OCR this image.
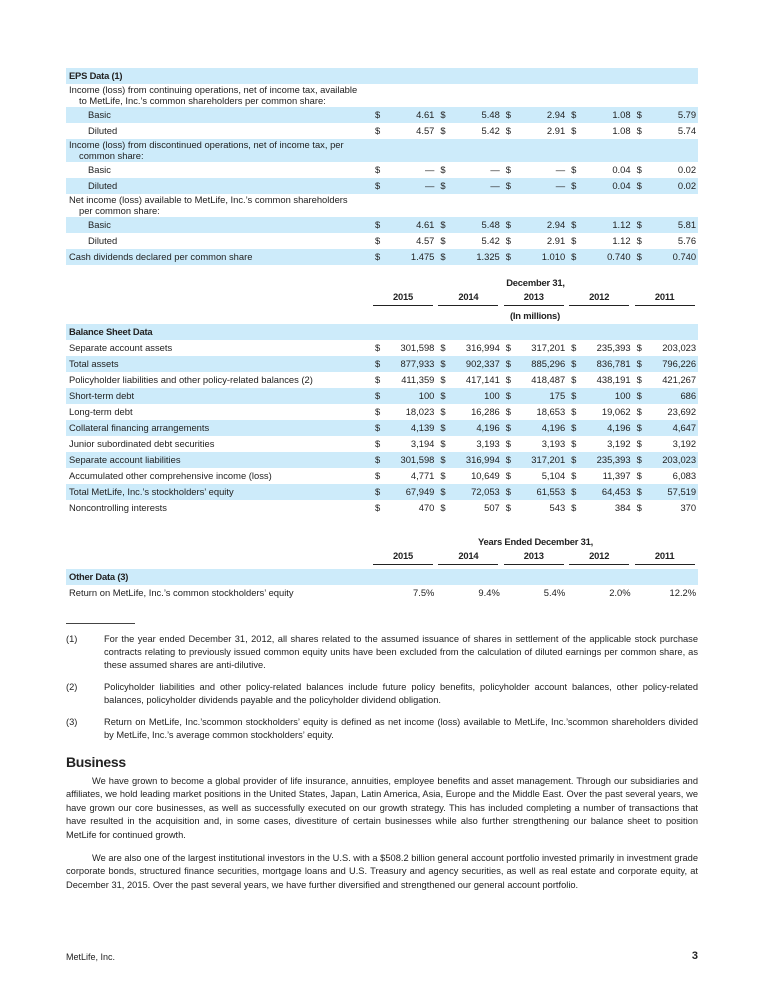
EPS Data (1)										

Income (loss) from continuing operations, net of income tax, available
to MetLife, Inc.’s common shareholders per common share:										

Basic	$	4.61	$	5.48	$	2.94	$	1.08	$	5.79
Diluted	$	4.57	$	5.42	$	2.91	$	1.08	$	5.74

Income (loss) from discontinued operations, net of income tax, per
common share:										

Basic	$	—	$	—	$	—	$	0.04	$	0.02
Diluted	$	—	$	—	$	—	$	0.04	$	0.02

Net income (loss) available to MetLife, Inc.’s common shareholders
per common share:										

Basic	$	4.61	$	5.48	$	2.94	$	1.12	$	5.81
Diluted	$	4.57	$	5.42	$	2.91	$	1.12	$	5.76
Cash dividends declared per common share	$	1.475	$	1.325	$	1.010	$	0.740	$	0.740
December 31,
2015	2014	2013	2012	2011
(In millions)
Balance Sheet Data										
Separate account assets	$	301,598	$	316,994	$	317,201	$	235,393	$	203,023
Total assets	$	877,933	$	902,337	$	885,296	$	836,781	$	796,226
Policyholder liabilities and other policy-related balances (2)	$	411,359	$	417,141	$	418,487	$	438,191	$	421,267
Short-term debt	$	100	$	100	$	175	$	100	$	686
Long-term debt	$	18,023	$	16,286	$	18,653	$	19,062	$	23,692
Collateral financing arrangements	$	4,139	$	4,196	$	4,196	$	4,196	$	4,647
Junior subordinated debt securities	$	3,194	$	3,193	$	3,193	$	3,192	$	3,192
Separate account liabilities	$	301,598	$	316,994	$	317,201	$	235,393	$	203,023
Accumulated other comprehensive income (loss)	$	4,771	$	10,649	$	5,104	$	11,397	$	6,083
Total MetLife, Inc.’s stockholders’ equity	$	67,949	$	72,053	$	61,553	$	64,453	$	57,519
Noncontrolling interests	$	470	$	507	$	543	$	384	$	370
Years Ended December 31,
2015	2014	2013	2012	2011
Other Data (3)
Return on MetLife, Inc.’s common stockholders’ equity		7.5%		9.4%		5.4%		2.0%		12.2%
(1)	For the year ended December 31, 2012, all shares related to the assumed issuance of shares in settlement of the applicable stock purchase contracts relating to previously issued common equity units have been excluded from the calculation of diluted earnings per common share, as these assumed shares are anti-dilutive.
(2)	Policyholder liabilities and other policy-related balances include future policy benefits, policyholder account balances, other policy-related balances, policyholder dividends payable and the policyholder dividend obligation.
(3)	Return on MetLife, Inc.’scommon stockholders’ equity is defined as net income (loss) available to MetLife, Inc.’scommon shareholders divided by MetLife, Inc.’s average common stockholders’ equity.
Business
We have grown to become a global provider of life insurance, annuities, employee benefits and asset management. Through our subsidiaries and affiliates, we hold leading market positions in the United States, Japan, Latin America, Asia, Europe and the Middle East. Over the past several years, we have grown our core businesses, as well as successfully executed on our growth strategy. This has included completing a number of transactions that have resulted in the acquisition and, in some cases, divestiture of certain businesses while also further strengthening our balance sheet to position MetLife for continued growth.
We are also one of the largest institutional investors in the U.S. with a $508.2 billion general account portfolio invested primarily in investment grade corporate bonds, structured finance securities, mortgage loans and U.S. Treasury and agency securities, as well as real estate and corporate equity, at December 31, 2015. Over the past several years, we have further diversified and strengthened our general account portfolio.
MetLife, Inc.	3
